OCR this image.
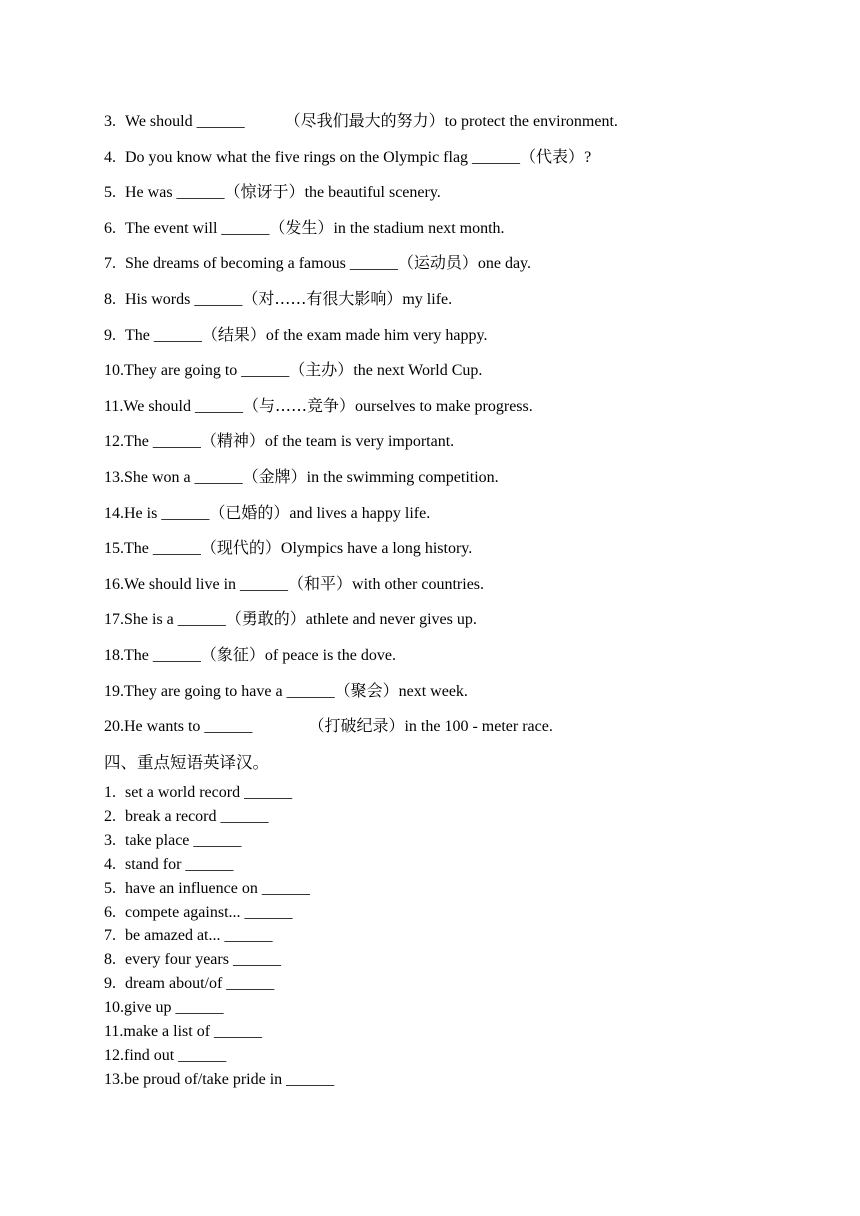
3. We should ______	（尽我们最大的努力）to protect the environment.
4. Do you know what the five rings on the Olympic flag ______（代表）?
5. He was ______（惊讶于）the beautiful scenery.
6. The event will ______（发生）in the stadium next month.
7. She dreams of becoming a famous ______（运动员）one day.
8. His words ______（对……有很大影响）my life.
9. The ______（结果）of the exam made him very happy.
10.They are going to ______（主办）the next World Cup.
11.We should ______（与……竞争）ourselves to make progress.
12.The ______（精神）of the team is very important.
13.She won a ______（金牌）in the swimming competition.
14.He is ______（已婚的）and lives a happy life.
15.The ______（现代的）Olympics have a long history.
16.We should live in ______（和平）with other countries.
17.She is a ______（勇敢的）athlete and never gives up.
18.The ______（象征）of peace is the dove.
19.They are going to have a ______（聚会）next week.
20.He wants to ______	（打破纪录）in the 100 - meter race.
四、重点短语英译汉。
1. set a world record ______
2. break a record ______
3. take place ______
4. stand for ______
5. have an influence on ______
6. compete against... ______
7. be amazed at... ______
8. every four years ______
9. dream about/of ______
10.give up ______
11.make a list of ______
12.find out ______
13.be proud of/take pride in ______
